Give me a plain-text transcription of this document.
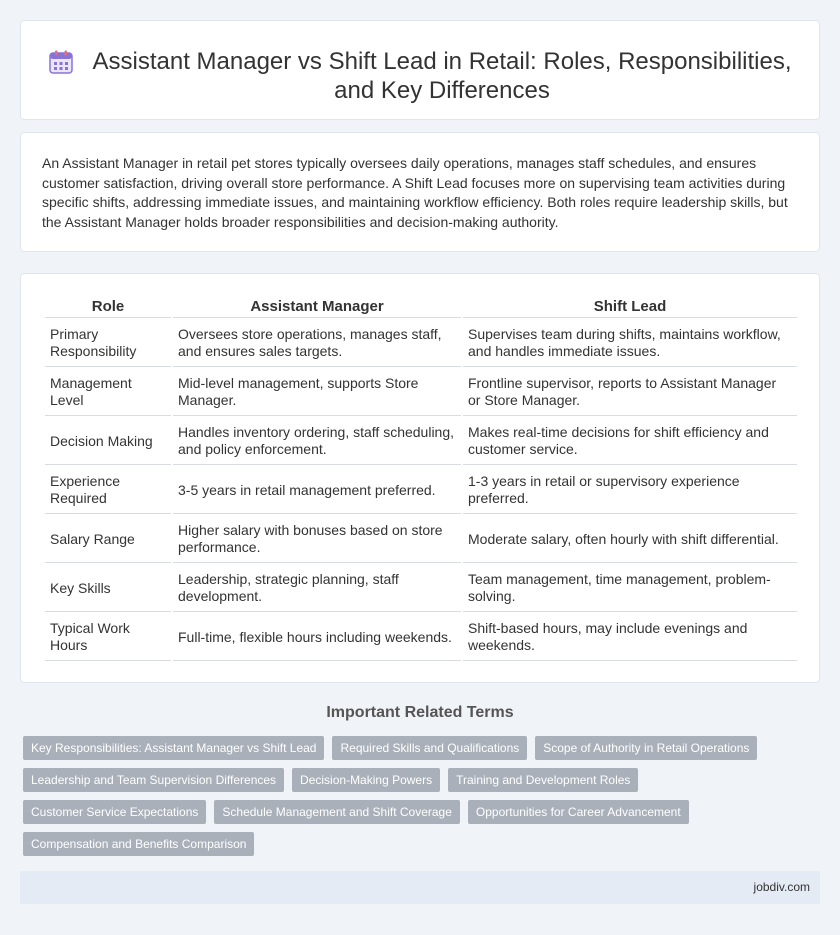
Assistant Manager vs Shift Lead in Retail: Roles, Responsibilities, and Key Differences

An Assistant Manager in retail pet stores typically oversees daily operations, manages staff schedules, and ensures customer satisfaction, driving overall store performance. A Shift Lead focuses more on supervising team activities during specific shifts, addressing immediate issues, and maintaining workflow efficiency. Both roles require leadership skills, but the Assistant Manager holds broader responsibilities and decision-making authority.

Role	Assistant Manager	Shift Lead
Primary Responsibility	Oversees store operations, manages staff, and ensures sales targets.	Supervises team during shifts, maintains workflow, and handles immediate issues.
Management Level	Mid-level management, supports Store Manager.	Frontline supervisor, reports to Assistant Manager or Store Manager.
Decision Making	Handles inventory ordering, staff scheduling, and policy enforcement.	Makes real-time decisions for shift efficiency and customer service.
Experience Required	3-5 years in retail management preferred.	1-3 years in retail or supervisory experience preferred.
Salary Range	Higher salary with bonuses based on store performance.	Moderate salary, often hourly with shift differential.
Key Skills	Leadership, strategic planning, staff development.	Team management, time management, problem-solving.
Typical Work Hours	Full-time, flexible hours including weekends.	Shift-based hours, may include evenings and weekends.
Important Related Terms
Key Responsibilities: Assistant Manager vs Shift Lead	Required Skills and Qualifications	Scope of Authority in Retail Operations
Leadership and Team Supervision Differences	Decision-Making Powers	Training and Development Roles
Customer Service Expectations	Schedule Management and Shift Coverage	Opportunities for Career Advancement
Compensation and Benefits Comparison
jobdiv.com
